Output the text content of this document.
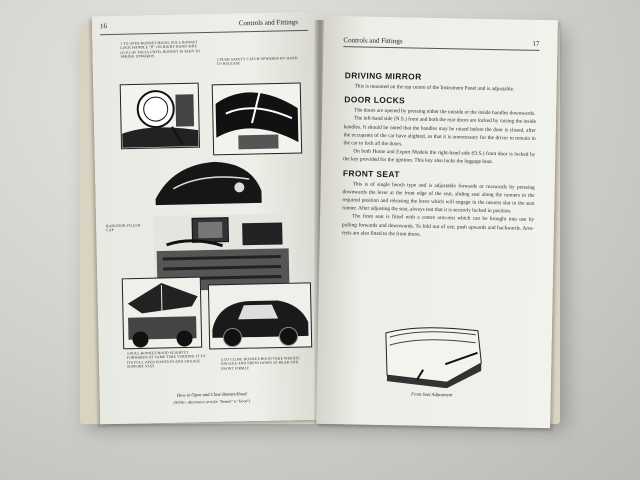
16	Controls and Fittings
1 TO OPEN BONNET/HOOD, PULL BONNET LOCK HANDLE "B" ON RIGHT-HAND SIDE (O.S.) OF FACIA UNTIL BONNET IS SEEN TO SPRING UPWARDS	2 PUSH SAFETY CATCH UPWARDS BY HAND TO RELEASE
RADIATOR FILLER CAP
3 PULL BONNET/HOOD SLIGHTLY FORWARDS AT SAME TIME TURNING IT TO ITS FULL OPEN POSITION AND ENGAGE SUPPORT STAY
4 TO CLOSE BONNET/HOOD TAKE WEIGHT, ENGAGE AND PRESS DOWN AT REAR AND FRONT FIRMLY
How to Open and Close Bonnet/Hood
(NOTE—Alternative term for "Bonnet" is "Hood")
Controls and Fittings	17
DRIVING MIRROR

This is mounted on the top centre of the Instrument Panel and is adjustable.

DOOR LOCKS

The doors are opened by pressing either the outside or the inside handles downwards.

The left-hand side (N.S.) front and both the rear doors are locked by raising the inside handles. It should be noted that the handles may be raised before the door is closed, after the occupants of the car have alighted, so that it is unnecessary for the driver to remain in the car to lock all the doors.

On both Home and Export Models the right-hand side (O.S.) front door is locked by the key provided for the ignition. This key also locks the luggage boot.

FRONT SEAT

This is of single bench type and is adjustable forwards or rearwards by pressing downwards the lever at the front edge of the seat, sliding seat along the runners to the required position and releasing the lever which will engage in the nearest slot in the seat runner. After adjusting the seat, always test that it is securely locked in position.

The front seat is fitted with a centre arm-rest which can be brought into use by pulling forwards and downwards. To fold out of use, push upwards and backwards. Arm-rests are also fitted to the front doors.

Front Seat Adjustment
